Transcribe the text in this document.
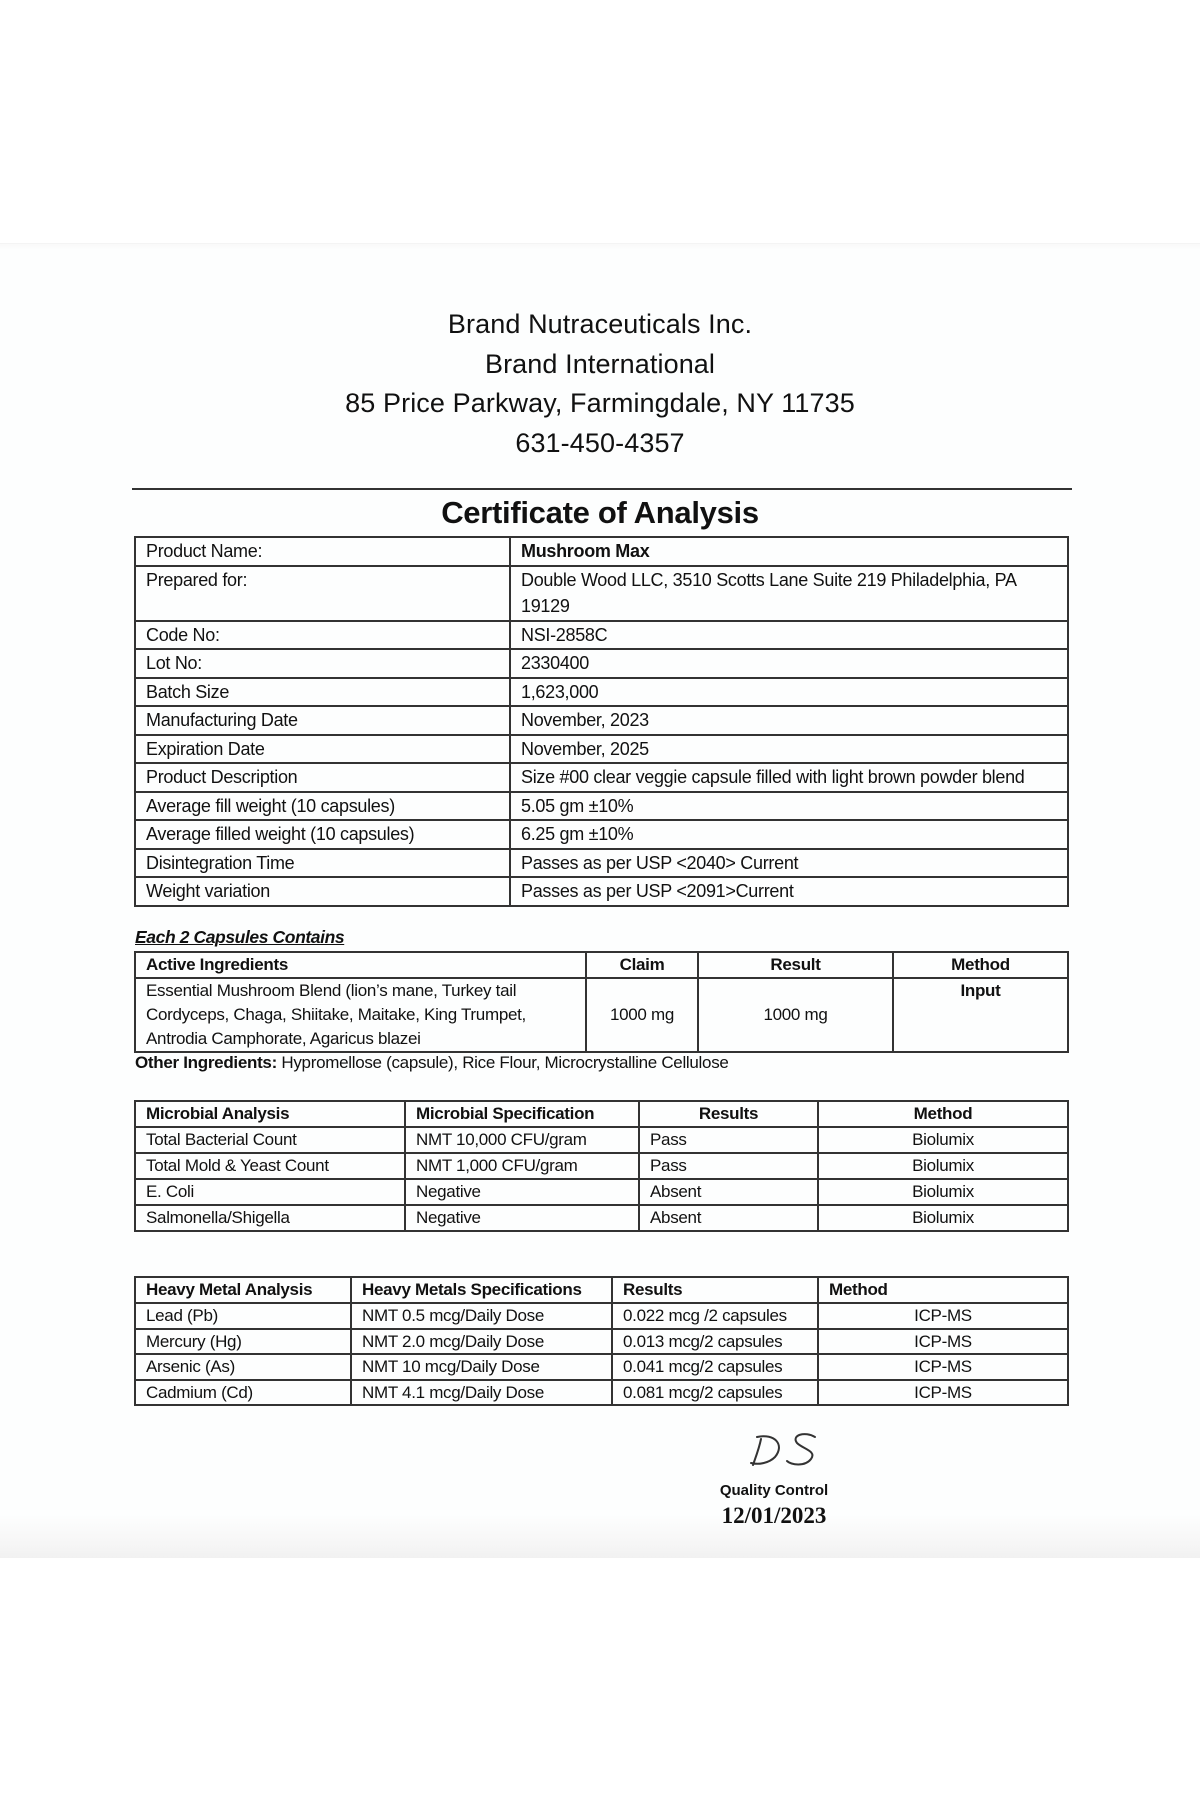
Brand Nutraceuticals Inc.
Brand International
85 Price Parkway, Farmingdale, NY 11735
631-450-4357
Certificate of Analysis
Product Name:	Mushroom Max
Prepared for:	Double Wood LLC, 3510 Scotts Lane Suite 219 Philadelphia, PA 19129
Code No:	NSI-2858C
Lot No:	2330400
Batch Size	1,623,000
Manufacturing Date	November, 2023
Expiration Date	November, 2025
Product Description	Size #00 clear veggie capsule filled with light brown powder blend
Average fill weight (10 capsules)	5.05 gm ±10%
Average filled weight (10 capsules)	6.25 gm ±10%
Disintegration Time	Passes as per USP <2040> Current
Weight variation	Passes as per USP <2091>Current
Each 2 Capsules Contains
Active Ingredients	Claim	Result	Method

Essential Mushroom Blend (lion’s mane, Turkey tail
Cordyceps, Chaga, Shiitake, Maitake, King Trumpet,
Antrodia Camphorate, Agaricus blazei	1000 mg	1000 mg	Input
Other Ingredients: Hypromellose (capsule), Rice Flour, Microcrystalline Cellulose
Microbial Analysis	Microbial Specification	Results	Method
Total Bacterial Count	NMT 10,000 CFU/gram	Pass	Biolumix
Total Mold & Yeast Count	NMT 1,000 CFU/gram	Pass	Biolumix
E. Coli	Negative	Absent	Biolumix
Salmonella/Shigella	Negative	Absent	Biolumix
Heavy Metal Analysis	Heavy Metals Specifications	Results	Method
Lead (Pb)	NMT 0.5 mcg/Daily Dose	0.022 mcg /2 capsules	ICP-MS
Mercury (Hg)	NMT 2.0 mcg/Daily Dose	0.013 mcg/2 capsules	ICP-MS
Arsenic (As)	NMT 10 mcg/Daily Dose	0.041 mcg/2 capsules	ICP-MS
Cadmium (Cd)	NMT 4.1 mcg/Daily Dose	0.081 mcg/2 capsules	ICP-MS
Quality Control
12/01/2023
